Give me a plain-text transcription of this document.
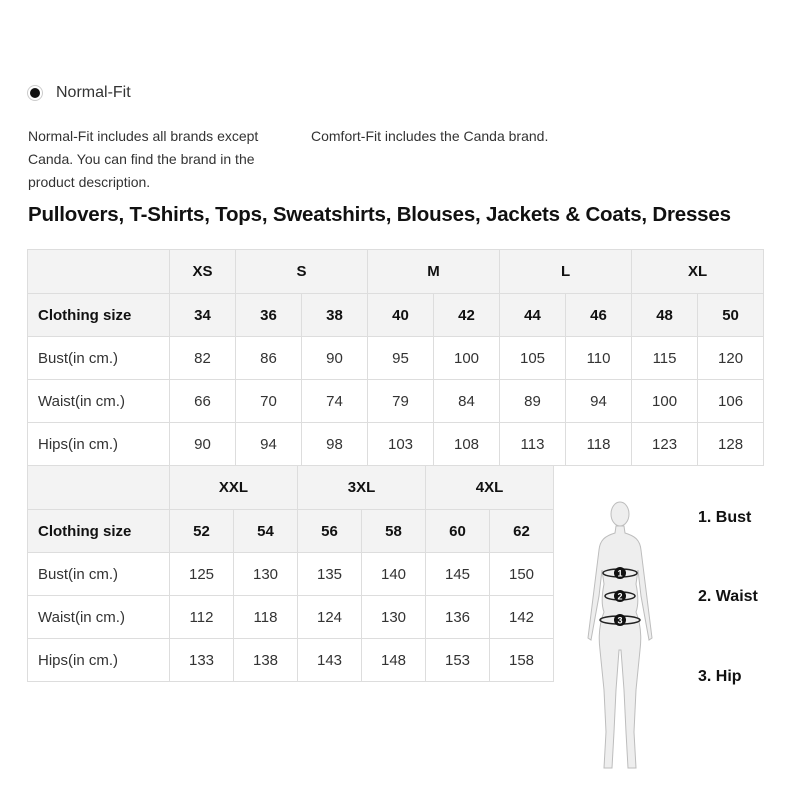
Normal-Fit
Normal-Fit includes all brands except Canda. You can find the brand in the product description.
Comfort-Fit includes the Canda brand.
Pullovers, T-Shirts, Tops, Sweatshirts, Blouses, Jackets & Coats, Dresses
	XS	S		M		L		XL	
Clothing size	34	36	38	40	42	44	46	48	50
Bust(in cm.)	82	86	90	95	100	105	110	115	120
Waist(in cm.)	66	70	74	79	84	89	94	100	106
Hips(in cm.)	90	94	98	103	108	113	118	123	128
	XXL		3XL		4XL	
Clothing size	52	54	56	58	60	62
Bust(in cm.)	125	130	135	140	145	150
Waist(in cm.)	112	118	124	130	136	142
Hips(in cm.)	133	138	143	148	153	158
1
2
3
1. Bust
2. Waist
3. Hip
